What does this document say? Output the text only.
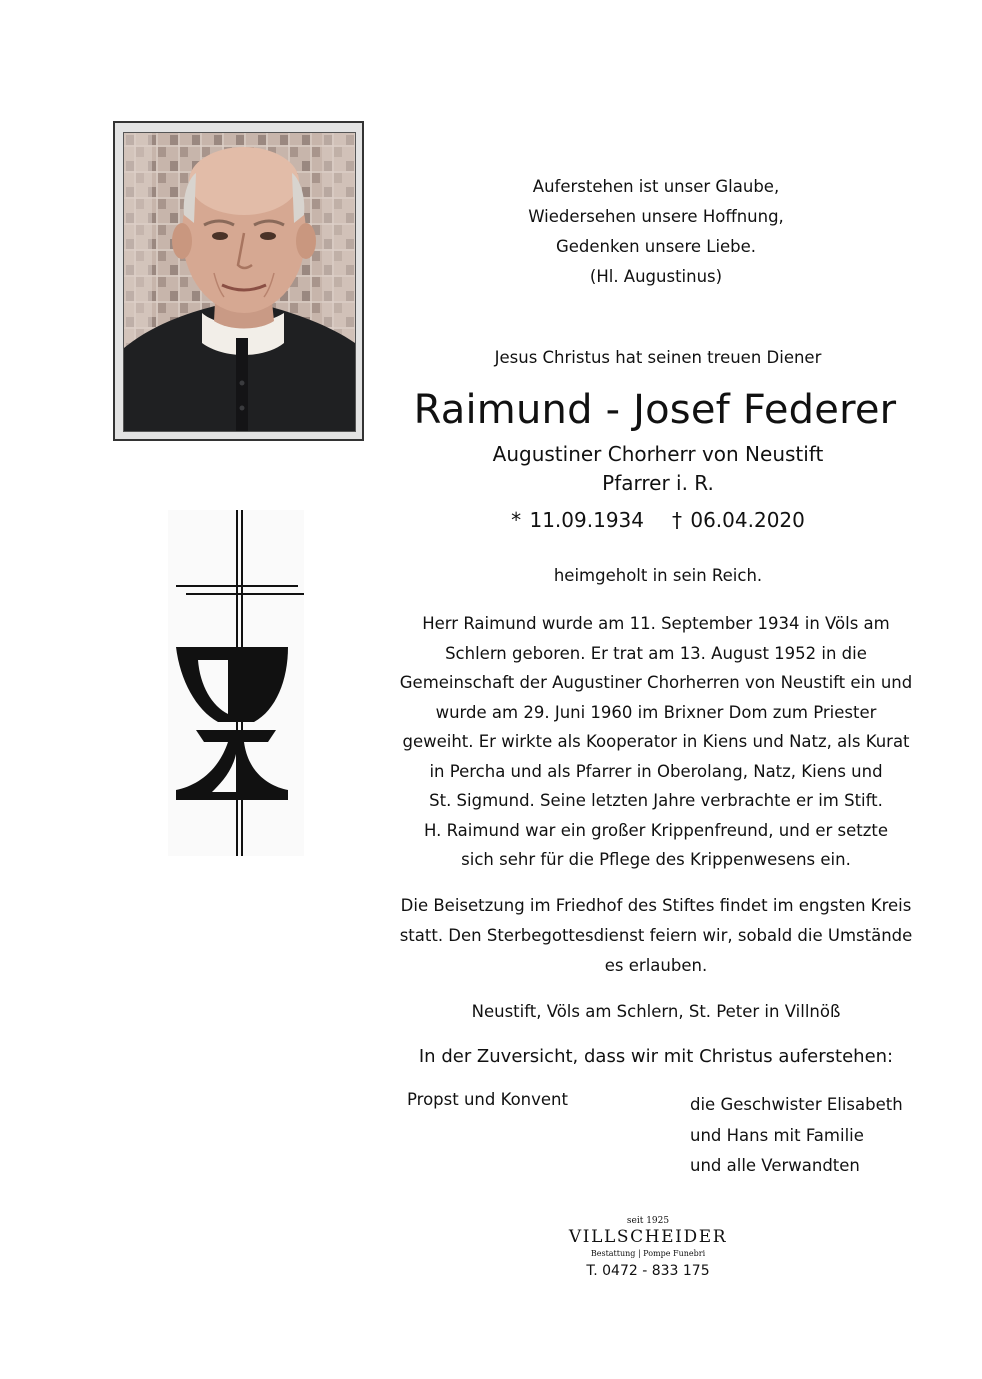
Auferstehen ist unser Glaube,
Wiedersehen unsere Hoffnung,
Gedenken unsere Liebe.
(Hl. Augustinus)
Jesus Christus hat seinen treuen Diener
Raimund - Josef Federer
Augustiner Chorherr von Neustift
Pfarrer i. R.
* 11.09.1934 † 06.04.2020
heimgeholt in sein Reich.
Herr Raimund wurde am 11. September 1934 in Völs am
Schlern geboren. Er trat am 13. August 1952 in die
Gemeinschaft der Augustiner Chorherren von Neustift ein und
wurde am 29. Juni 1960 im Brixner Dom zum Priester
geweiht. Er wirkte als Kooperator in Kiens und Natz, als Kurat
in Percha und als Pfarrer in Oberolang, Natz, Kiens und
St. Sigmund. Seine letzten Jahre verbrachte er im Stift.
H. Raimund war ein großer Krippenfreund, und er setzte
sich sehr für die Pflege des Krippenwesens ein.
Die Beisetzung im Friedhof des Stiftes findet im engsten Kreis
statt. Den Sterbegottesdienst feiern wir, sobald die Umstände
es erlauben.
Neustift, Völs am Schlern, St. Peter in Villnöß
In der Zuversicht, dass wir mit Christus auferstehen:
Propst und Konvent	die Geschwister Elisabeth
und Hans mit Familie
und alle Verwandten
seit 1925
VILLSCHEIDER
Bestattung | Pompe Funebri
T. 0472 - 833 175
